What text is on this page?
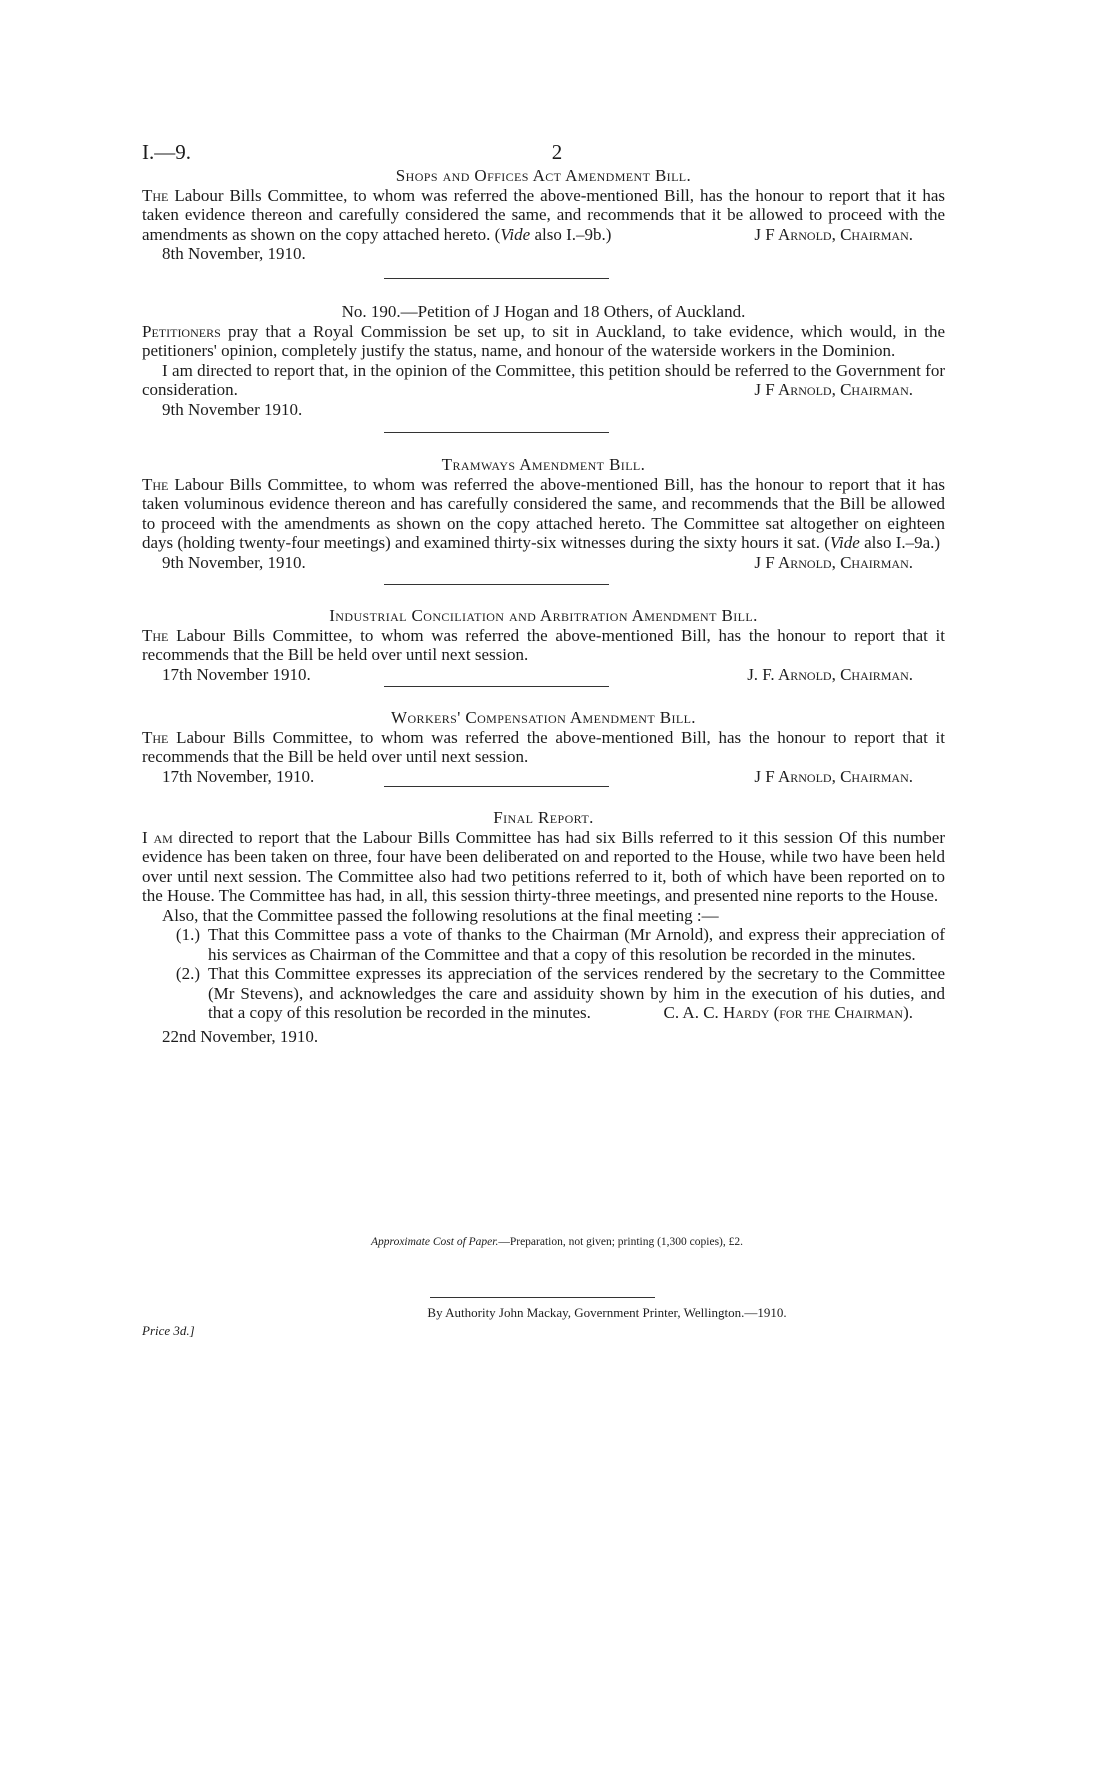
I.—9.	2

Shops and Offices Act Amendment Bill.

The Labour Bills Committee, to whom was referred the above-mentioned Bill, has the honour to report that it has taken evidence thereon and carefully considered the same, and recommends that it be allowed to proceed with the amendments as shown on the copy attached hereto. (Vide also I.–9b.)	J F Arnold, Chairman.

8th November, 1910.

No. 190.—Petition of J Hogan and 18 Others, of Auckland.

Petitioners pray that a Royal Commission be set up, to sit in Auckland, to take evidence, which would, in the petitioners' opinion, completely justify the status, name, and honour of the waterside workers in the Dominion.

I am directed to report that, in the opinion of the Committee, this petition should be referred to the Government for consideration.	J F Arnold, Chairman.

9th November 1910.

Tramways Amendment Bill.

The Labour Bills Committee, to whom was referred the above-mentioned Bill, has the honour to report that it has taken voluminous evidence thereon and has carefully considered the same, and recommends that the Bill be allowed to proceed with the amendments as shown on the copy attached hereto. The Committee sat altogether on eighteen days (holding twenty-four meetings) and examined thirty-six witnesses during the sixty hours it sat. (Vide also I.–9a.)

9th November, 1910.	J F Arnold, Chairman.

Industrial Conciliation and Arbitration Amendment Bill.

The Labour Bills Committee, to whom was referred the above-mentioned Bill, has the honour to report that it recommends that the Bill be held over until next session.

17th November 1910.	J. F. Arnold, Chairman.

Workers' Compensation Amendment Bill.

The Labour Bills Committee, to whom was referred the above-mentioned Bill, has the honour to report that it recommends that the Bill be held over until next session.

17th November, 1910.	J F Arnold, Chairman.

Final Report.

I am directed to report that the Labour Bills Committee has had six Bills referred to it this session Of this number evidence has been taken on three, four have been deliberated on and reported to the House, while two have been held over until next session. The Committee also had two petitions referred to it, both of which have been reported on to the House. The Committee has had, in all, this session thirty-three meetings, and presented nine reports to the House.

Also, that the Committee passed the following resolutions at the final meeting :—

(1.) That this Committee pass a vote of thanks to the Chairman (Mr Arnold), and express their appreciation of his services as Chairman of the Committee and that a copy of this resolution be recorded in the minutes.
(2.) That this Committee expresses its appreciation of the services rendered by the secretary to the Committee (Mr Stevens), and acknowledges the care and assiduity shown by him in the execution of his duties, and that a copy of this resolution be recorded in the minutes.	C. A. C. Hardy (for the Chairman).

22nd November, 1910.

Approximate Cost of Paper.—Preparation, not given; printing (1,300 copies), £2.
By Authority John Mackay, Government Printer, Wellington.—1910.
Price 3d.]
